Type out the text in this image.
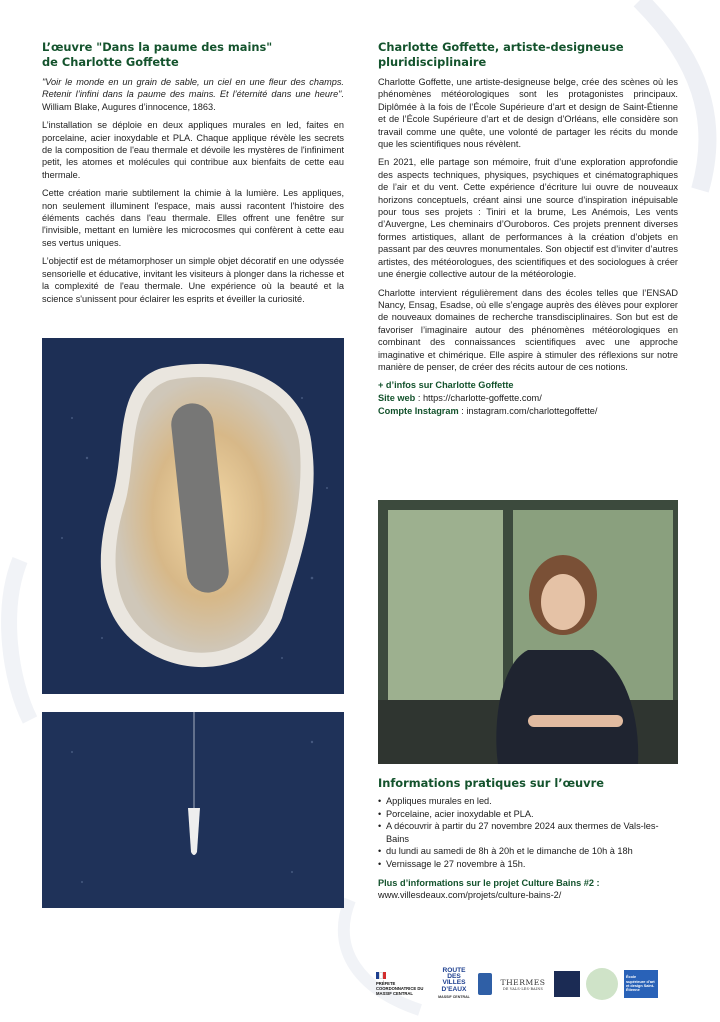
L’œuvre "Dans la paume des mains"
de Charlotte Goffette

"Voir le monde en un grain de sable, un ciel en une fleur des champs. Retenir l’infini dans la paume des mains. Et l’éternité dans une heure". William Blake, Augures d’innocence, 1863.

L’installation se déploie en deux appliques murales en led, faites en porcelaine, acier inoxydable et PLA. Chaque applique révèle les secrets de la composition de l'eau thermale et dévoile les mystères de l'infiniment petit, les atomes et molécules qui contribue aux bienfaits de cette eau thermale.

Cette création marie subtilement la chimie à la lumière. Les appliques, non seulement illuminent l'espace, mais aussi racontent l'histoire des éléments cachés dans l'eau thermale. Elles offrent une fenêtre sur l'invisible, mettant en lumière les microcosmes qui confèrent à cette eau ses vertus uniques.

L’objectif est de métamorphoser un simple objet décoratif en une odyssée sensorielle et éducative, invitant les visiteurs à plonger dans la richesse et la complexité de l'eau thermale. Une expérience où la beauté et la science s'unissent pour éclairer les esprits et éveiller la curiosité.

Charlotte Goffette, artiste-designeuse
pluridisciplinaire

Charlotte Goffette, une artiste-designeuse belge, crée des scènes où les phénomènes météorologiques sont les protagonistes principaux. Diplômée à la fois de l’École Supérieure d’art et design de Saint-Étienne et de l’École Supérieure d’art et de design d’Orléans, elle considère son travail comme une quête, une volonté de partager les récits du monde que les scientifiques nous révèlent.

En 2021, elle partage son mémoire, fruit d’une exploration approfondie des aspects techniques, physiques, psychiques et cinématographiques de l’air et du vent. Cette expérience d’écriture lui ouvre de nouveaux horizons conceptuels, créant ainsi une source d’inspiration inépuisable pour tous ses projets : Tiniri et la brume, Les Anémois, Les vents d’Auvergne, Les cheminairs d’Ouroboros. Ces projets prennent diverses formes artistiques, allant de performances à la création d’objets en passant par des œuvres monumentales. Son objectif est d’inviter d’autres artistes, des météorologues, des scientifiques et des sociologues à créer une énergie collective autour de la météorologie.

Charlotte intervient régulièrement dans des écoles telles que l’ENSAD Nancy, Ensag, Esadse, où elle s’engage auprès des élèves pour explorer de nouveaux domaines de recherche transdisciplinaires. Son but est de favoriser l’imaginaire autour des phénomènes météorologiques en combinant des connaissances scientifiques avec une approche imaginative et chimérique. Elle aspire à stimuler des réflexions sur notre manière de penser, de créer des récits autour de ces notions.

+ d’infos sur Charlotte Goffette
Site web : https://charlotte-goffette.com/
Compte Instagram : instagram.com/charlottegoffette/
Informations pratiques sur l’œuvre
• Appliques murales en led.
• Porcelaine, acier inoxydable et PLA.
• A découvrir à partir du 27 novembre 2024 aux thermes de Vals-les-Bains
• du lundi au samedi de 8h à 20h et le dimanche de 10h à 18h
• Vernissage le 27 novembre à 15h.
Plus d’informations sur le projet Culture Bains #2 :
www.villesdeaux.com/projets/culture-bains-2/
PRÉFETE COORDONNATRICE DU MASSIF CENTRAL
ROUTE
DES VILLES
D’EAUX
MASSIF CENTRAL
THERMES
DE VALS-LES-BAINS
École supérieure d’art et design Saint-Étienne
